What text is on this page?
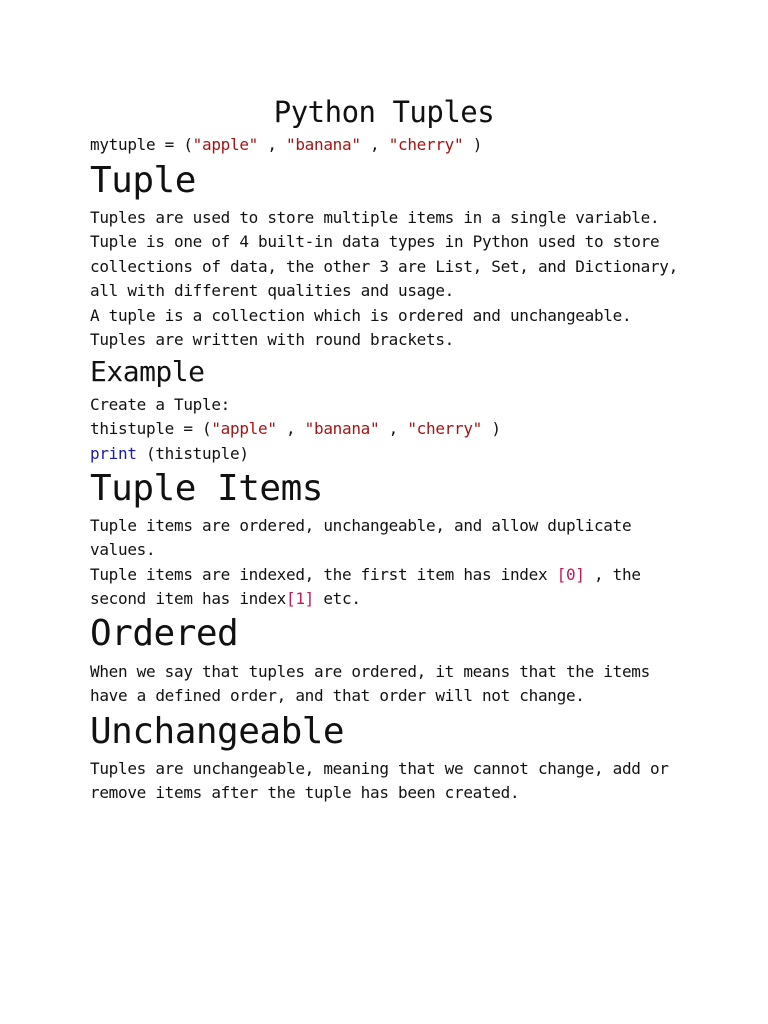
Python Tuples
mytuple = ("apple" , "banana" , "cherry" )
Tuple
Tuples are used to store multiple items in a single variable.
Tuple is one of 4 built-in data types in Python used to store
collections of data, the other 3 are List, Set, and Dictionary,
all with different qualities and usage.
A tuple is a collection which is ordered and unchangeable.
Tuples are written with round brackets.
Example
Create a Tuple:
thistuple = ("apple" , "banana" , "cherry" )
print (thistuple)
Tuple Items
Tuple items are ordered, unchangeable, and allow duplicate
values.
Tuple items are indexed, the first item has index [0] , the
second item has index[1] etc.
Ordered
When we say that tuples are ordered, it means that the items
have a defined order, and that order will not change.
Unchangeable
Tuples are unchangeable, meaning that we cannot change, add or
remove items after the tuple has been created.
